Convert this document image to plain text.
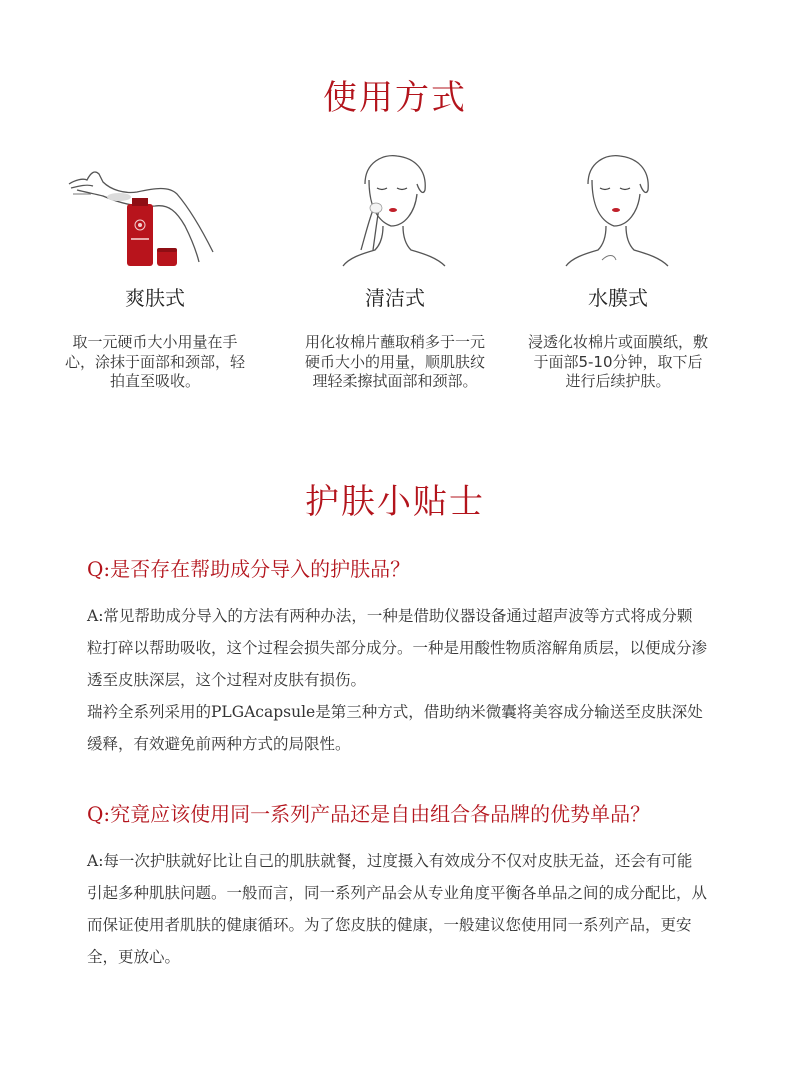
使用方式
爽肤式
取一元硬币大小用量在手心，涂抹于面部和颈部，轻拍直至吸收。
清洁式
用化妆棉片蘸取稍多于一元硬币大小的用量，顺肌肤纹理轻柔擦拭面部和颈部。
水膜式
浸透化妆棉片或面膜纸，敷于面部5-10分钟，取下后进行后续护肤。
护肤小贴士
Q:是否存在帮助成分导入的护肤品？

A:常见帮助成分导入的方法有两种办法，一种是借助仪器设备通过超声波等方式将成分颗粒打碎以帮助吸收，这个过程会损失部分成分。一种是用酸性物质溶解角质层，以便成分渗透至皮肤深层，这个过程对皮肤有损伤。

瑞衿全系列采用的PLGAcapsule是第三种方式，借助纳米微囊将美容成分输送至皮肤深处缓释，有效避免前两种方式的局限性。

Q:究竟应该使用同一系列产品还是自由组合各品牌的优势单品？

A:每一次护肤就好比让自己的肌肤就餐，过度摄入有效成分不仅对皮肤无益，还会有可能引起多种肌肤问题。一般而言，同一系列产品会从专业角度平衡各单品之间的成分配比，从而保证使用者肌肤的健康循环。为了您皮肤的健康，一般建议您使用同一系列产品，更安全，更放心。
